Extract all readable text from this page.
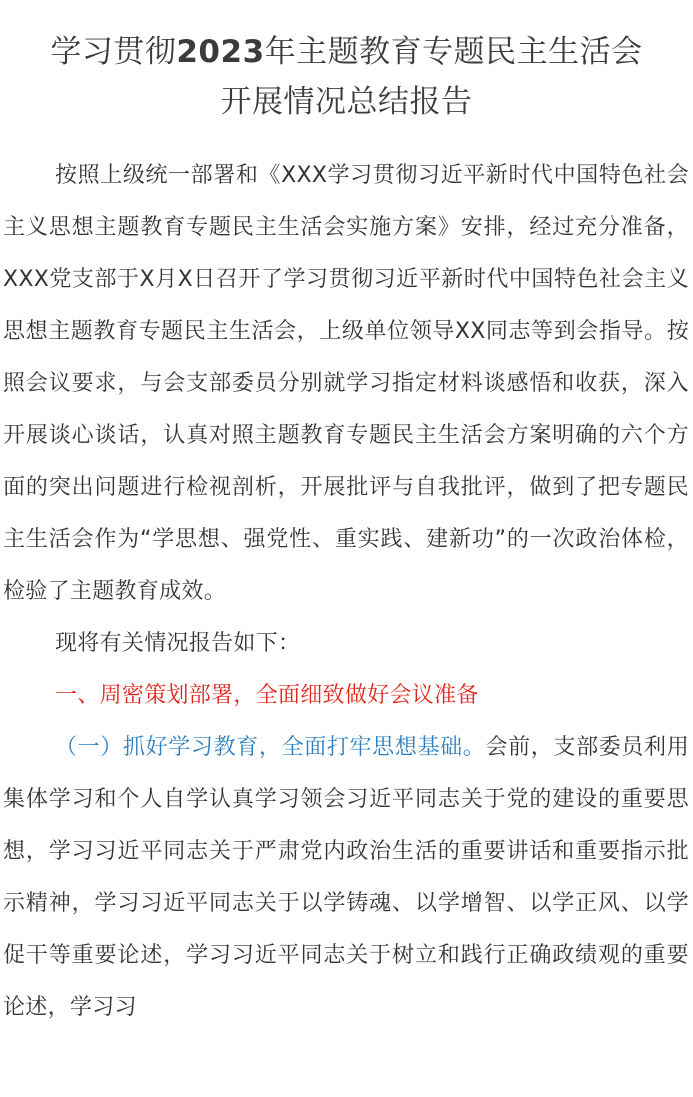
学习贯彻2023年主题教育专题民主生活会
开展情况总结报告

按照上级统一部署和《XXX学习贯彻习近平新时代中国特色社会主义思想主题教育专题民主生活会实施方案》安排，经过充分准备，XXX党支部于X月X日召开了学习贯彻习近平新时代中国特色社会主义思想主题教育专题民主生活会，上级单位领导XX同志等到会指导。按照会议要求，与会支部委员分别就学习指定材料谈感悟和收获，深入开展谈心谈话，认真对照主题教育专题民主生活会方案明确的六个方面的突出问题进行检视剖析，开展批评与自我批评，做到了把专题民主生活会作为“学思想、强党性、重实践、建新功”的一次政治体检，检验了主题教育成效。

现将有关情况报告如下：

一、周密策划部署，全面细致做好会议准备

（一）抓好学习教育，全面打牢思想基础。会前，支部委员利用集体学习和个人自学认真学习领会习近平同志关于党的建设的重要思想，学习习近平同志关于严肃党内政治生活的重要讲话和重要指示批示精神，学习习近平同志关于以学铸魂、以学增智、以学正风、以学促干等重要论述，学习习近平同志关于树立和践行正确政绩观的重要论述，学习习
